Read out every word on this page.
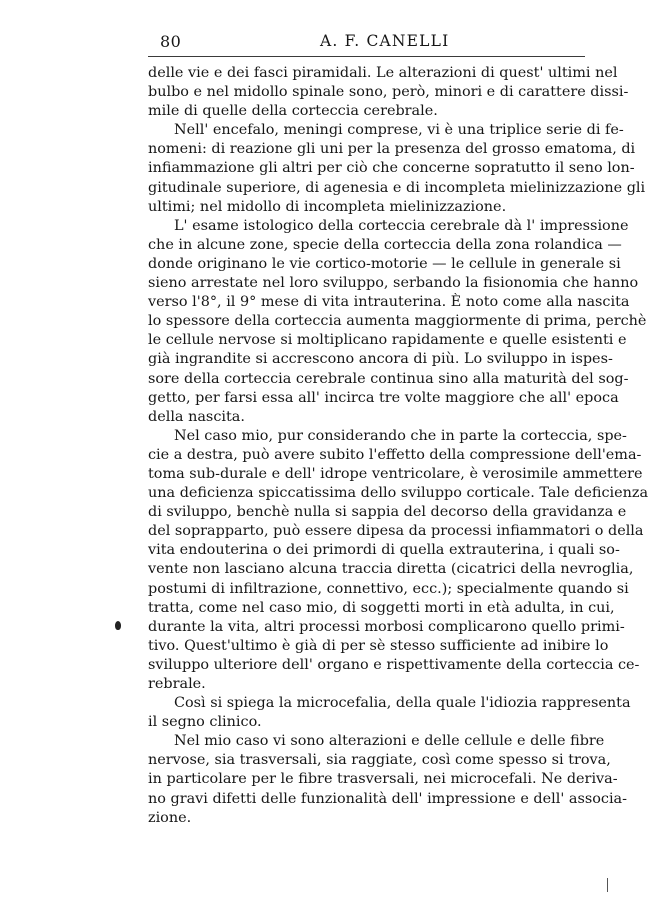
80	A. F. CANELLI
delle vie e dei fasci piramidali. Le alterazioni di quest' ultimi nel
bulbo e nel midollo spinale sono, però, minori e di carattere dissi-
mile di quelle della corteccia cerebrale.
Nell' encefalo, meningi comprese, vi è una triplice serie di fe-
nomeni: di reazione gli uni per la presenza del grosso ematoma, di
infiammazione gli altri per ciò che concerne sopratutto il seno lon-
gitudinale superiore, di agenesia e di incompleta mielinizzazione gli
ultimi; nel midollo di incompleta mielinizzazione.
L' esame istologico della corteccia cerebrale dà l' impressione
che in alcune zone, specie della corteccia della zona rolandica —
donde originano le vie cortico-motorie — le cellule in generale si
sieno arrestate nel loro sviluppo, serbando la fisionomia che hanno
verso l'8°, il 9° mese di vita intrauterina. È noto come alla nascita
lo spessore della corteccia aumenta maggiormente di prima, perchè
le cellule nervose si moltiplicano rapidamente e quelle esistenti e
già ingrandite si accrescono ancora di più. Lo sviluppo in ispes-
sore della corteccia cerebrale continua sino alla maturità del sog-
getto, per farsi essa all' incirca tre volte maggiore che all' epoca
della nascita.
Nel caso mio, pur considerando che in parte la corteccia, spe-
cie a destra, può avere subito l'effetto della compressione dell'ema-
toma sub-durale e dell' idrope ventricolare, è verosimile ammettere
una deficienza spiccatissima dello sviluppo corticale. Tale deficienza
di sviluppo, benchè nulla si sappia del decorso della gravidanza e
del soprapparto, può essere dipesa da processi infiammatori o della
vita endouterina o dei primordi di quella extrauterina, i quali so-
vente non lasciano alcuna traccia diretta (cicatrici della nevroglia,
postumi di infiltrazione, connettivo, ecc.); specialmente quando si
tratta, come nel caso mio, di soggetti morti in età adulta, in cui,
durante la vita, altri processi morbosi complicarono quello primi-
tivo. Quest'ultimo è già di per sè stesso sufficiente ad inibire lo
sviluppo ulteriore dell' organo e rispettivamente della corteccia ce-
rebrale.
Così si spiega la microcefalia, della quale l'idiozia rappresenta
il segno clinico.
Nel mio caso vi sono alterazioni e delle cellule e delle fibre
nervose, sia trasversali, sia raggiate, così come spesso si trova,
in particolare per le fibre trasversali, nei microcefali. Ne deriva-
no gravi difetti delle funzionalità dell' impressione e dell' associa-
zione.
